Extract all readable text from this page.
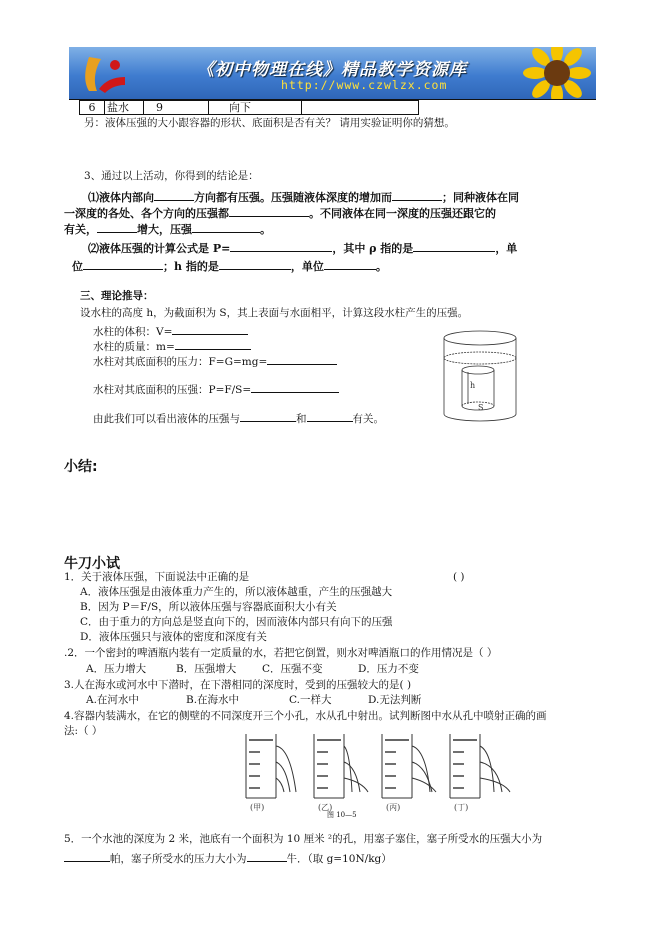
《初中物理在线》精品教学资源库
http://www.czwlzx.com
6	盐水	9	向下	
另：液体压强的大小跟容器的形状、底面积是否有关？ 请用实验证明你的猜想。
3、通过以上活动，你得到的结论是：
⑴液体内部向	方向都有压强。压强随液体深度的增加而	；同种液体在同
一深度的各处、各个方向的压强都	。不同液体在同一深度的压强还跟它的
有关，	增大，压强	。
⑵液体压强的计算公式是 P=	，其中 ρ 指的是	，单
位	；h 指的是	，单位	。
三、理论推导：
设水柱的高度 h，为截面积为 S，其上表面与水面相平，计算这段水柱产生的压强。
水柱的体积：V=
水柱的质量：m=
水柱对其底面积的压力：F=G=mg=
水柱对其底面积的压强：P=F/S=
由此我们可以看出液体的压强与	和	有关。
h
S
小结:
牛刀小试
1．关于液体压强，下面说法中正确的是	( )
A．液体压强是由液体重力产生的，所以液体越重，产生的压强越大
B．因为 P＝F/S，所以液体压强与容器底面积大小有关
C．由于重力的方向总是竖直向下的，因而液体内部只有向下的压强
D．液体压强只与液体的密度和深度有关
.2．一个密封的啤酒瓶内装有一定质量的水，若把它倒置，则水对啤酒瓶口的作用情况是（ ）
A．压力增大	B．压强增大 C．压强不变	D．压力不变
3.人在海水或河水中下潜时，在下潜相同的深度时，受到的压强较大的是( )
A.在河水中	B.在海水中	C.一样大	D.无法判断
4.容器内装满水，在它的侧壁的不同深度开三个小孔，水从孔中射出。试判断图中水从孔中喷射正确的画
法:（ ）
(甲)	(乙)	(丙)	(丁)
图 10—5
5．一个水池的深度为 2 米，池底有一个面积为 10 厘米 ²的孔，用塞子塞住，塞子所受水的压强大小为
帕，塞子所受水的压力大小为	牛．（取 g=10N/kg）
